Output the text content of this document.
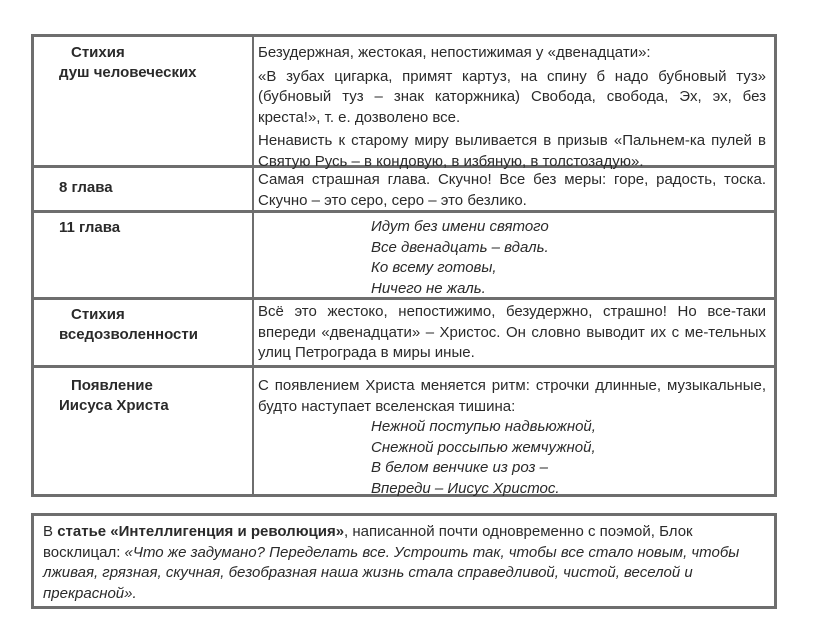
Стихия
душ человеческих

Безудержная, жестокая, непостижимая у «двенадцати»:

«В зубах цигарка, примят картуз, на спину б надо бубновый туз» (бубновый туз – знак каторжника) Свобода, свобода, Эх, эх, без креста!», т. е. дозволено все.

Ненависть к старому миру выливается в призыв «Пальнем-ка пулей в Святую Русь – в кондовую, в избяную, в толстозадую».

8 глава	Самая страшная глава. Скучно! Все без меры: горе, радость, тоска. Скучно – это серо, серо – это безлико.

11 глава	Идут без имени святого
Все двенадцать – вдаль.
Ко всему готовы,
Ничего не жаль.
Стихия
вседозволенности

Всё это жестоко, непостижимо, безудержно, страшно! Но все-таки впереди «двенадцати» – Христос. Он словно выводит их с ме-тельных улиц Петрограда в миры иные.

Появление
Иисуса Христа

С появлением Христа меняется ритм: строчки длинные, музыкальные, будто наступает вселенская тишина:

Нежной поступью надвьюжной,
Снежной россыпью жемчужной,
В белом венчике из роз –
Впереди – Иисус Христос.
В статье «Интеллигенция и революция», написанной почти одновременно с поэмой, Блок восклицал: «Что же задумано? Переделать все. Устроить так, чтобы все стало новым, чтобы лживая, грязная, скучная, безобразная наша жизнь стала справедливой, чистой, веселой и прекрасной».
